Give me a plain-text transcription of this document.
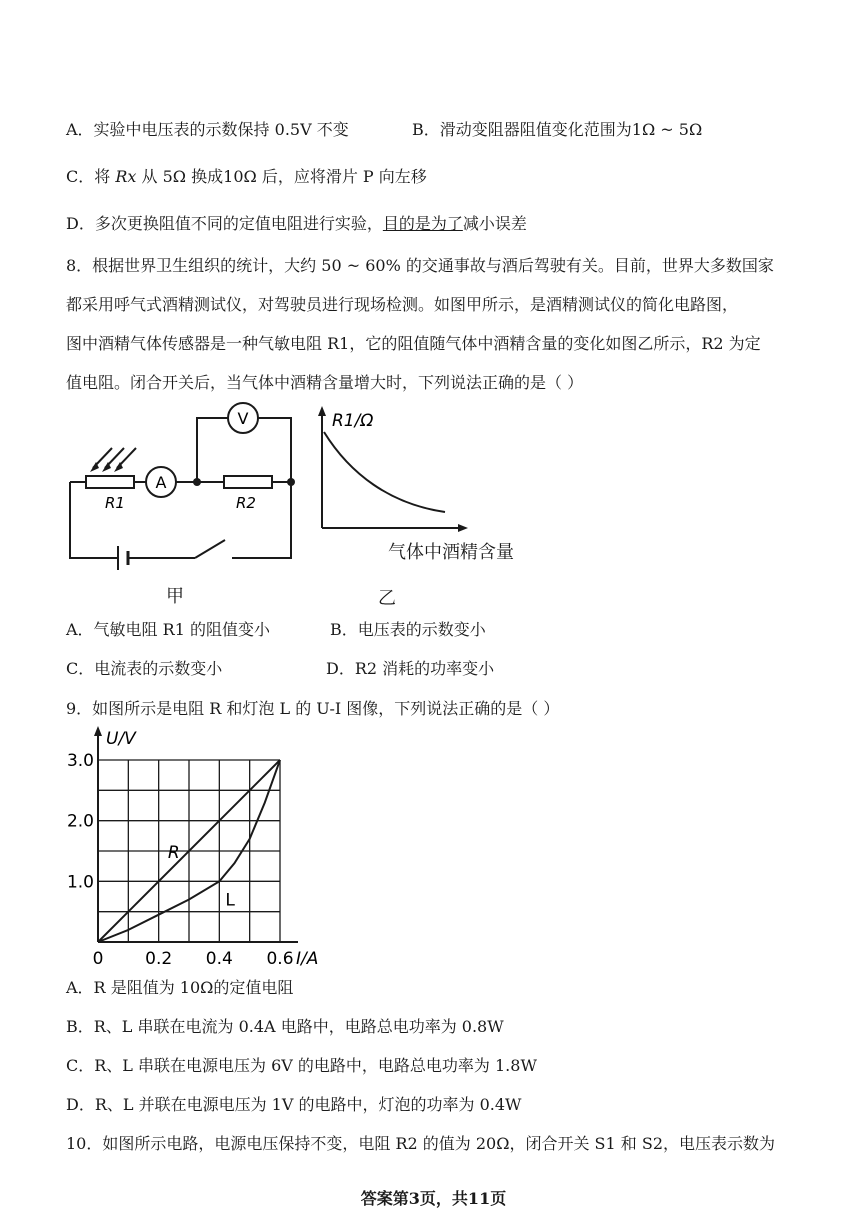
A．实验中电压表的示数保持 0.5V 不变	B．滑动变阻器阻值变化范围为1Ω ~ 5Ω
C．将 Rx 从 5Ω 换成10Ω 后，应将滑片 P 向左移
D．多次更换阻值不同的定值电阻进行实验，目的是为了减小误差
8．根据世界卫生组织的统计，大约 50 ~ 60% 的交通事故与酒后驾驶有关。目前，世界大多数国家
都采用呼气式酒精测试仪，对驾驶员进行现场检测。如图甲所示，是酒精测试仪的简化电路图，
图中酒精气体传感器是一种气敏电阻 R1，它的阻值随气体中酒精含量的变化如图乙所示，R2 为定
值电阻。闭合开关后，当气体中酒精含量增大时，下列说法正确的是（ ）
V
A
R1	R2
甲
R1/Ω
气体中酒精含量
乙
A．气敏电阻 R1 的阻值变小	B．电压表的示数变小
C．电流表的示数变小	D．R2 消耗的功率变小
9．如图所示是电阻 R 和灯泡 L 的 U-I 图像，下列说法正确的是（ ）
U/V
I/A
0 0.2 0.4 0.6
1.0
2.0
3.0
R
L
A．R 是阻值为 10Ω的定值电阻
B．R、L 串联在电流为 0.4A 电路中，电路总电功率为 0.8W
C．R、L 串联在电源电压为 6V 的电路中，电路总电功率为 1.8W
D．R、L 并联在电源电压为 1V 的电路中，灯泡的功率为 0.4W
10．如图所示电路，电源电压保持不变，电阻 R2 的值为 20Ω，闭合开关 S1 和 S2，电压表示数为
答案第3页，共11页
